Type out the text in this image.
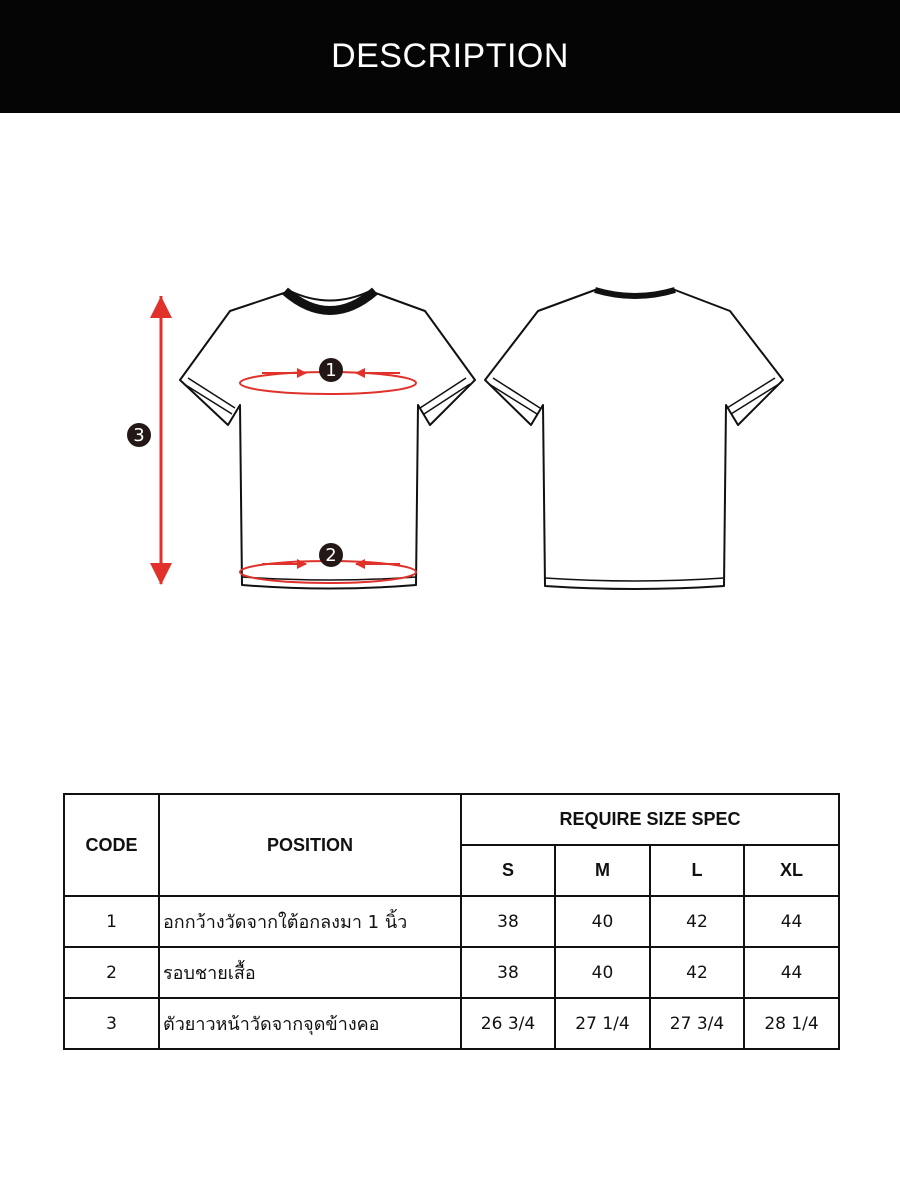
DESCRIPTION
1
2
3
CODE	POSITION	REQUIRE SIZE SPEC			
		S	M	L	XL
1	อกกว้างวัดจากใต้อกลงมา 1 นิ้ว	38	40	42	44
2	รอบชายเสื้อ	38	40	42	44
3	ตัวยาวหน้าวัดจากจุดข้างคอ	26 3/4	27 1/4	27 3/4	28 1/4
